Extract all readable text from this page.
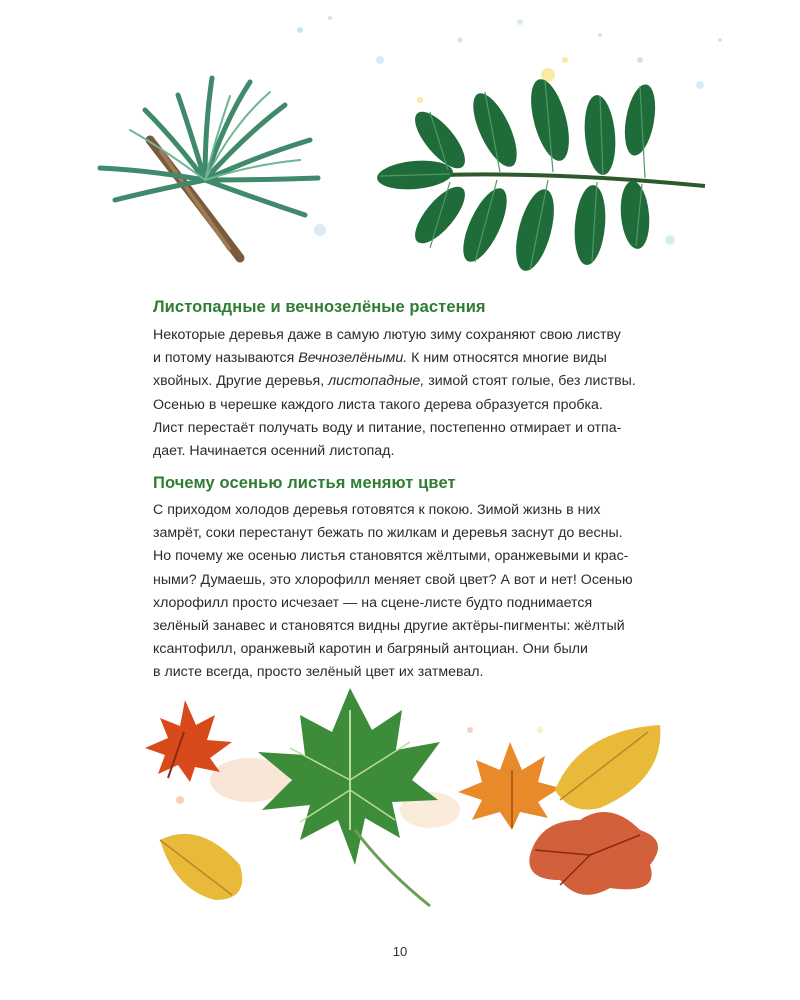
Листопадные и вечнозелёные растения

Некоторые деревья даже в самую лютую зиму сохраняют свою листву
и потому называются Вечнозелёными. К ним относятся многие виды
хвойных. Другие деревья, листопадные, зимой стоят голые, без листвы.
Осенью в черешке каждого листа такого дерева образуется пробка.
Лист перестаёт получать воду и питание, постепенно отмирает и отпа-
дает. Начинается осенний листопад.

Почему осенью листья меняют цвет

С приходом холодов деревья готовятся к покою. Зимой жизнь в них
замрёт, соки перестанут бежать по жилкам и деревья заснут до весны.
Но почему же осенью листья становятся жёлтыми, оранжевыми и крас-
ными? Думаешь, это хлорофилл меняет свой цвет? А вот и нет! Осенью
хлорофилл просто исчезает — на сцене-листе будто поднимается
зелёный занавес и становятся видны другие актёры-пигменты: жёлтый
ксантофилл, оранжевый каротин и багряный антоциан. Они были
в листе всегда, просто зелёный цвет их затмевал.

10
